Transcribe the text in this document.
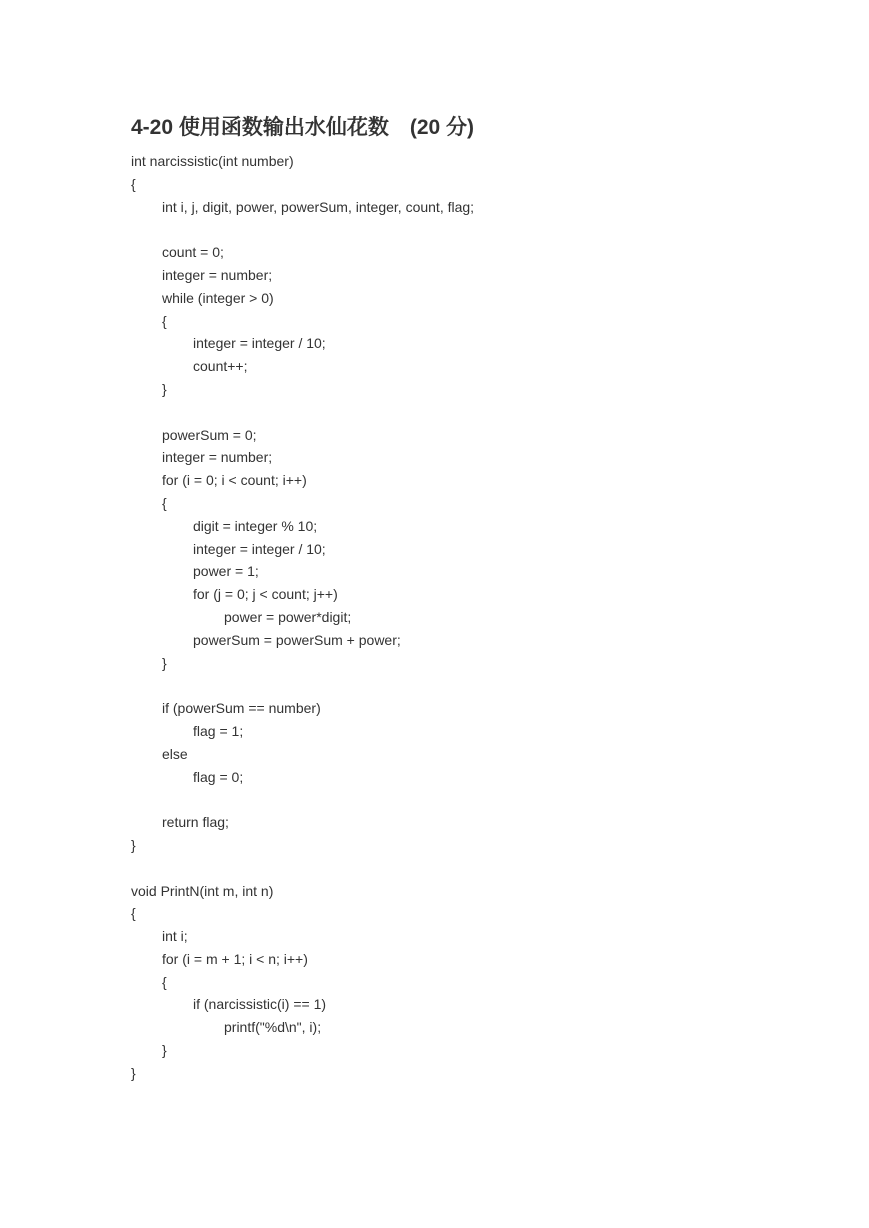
4-20 使用函数输出水仙花数　(20 分)
int narcissistic(int number)
{
int i, j, digit, power, powerSum, integer, count, flag;
count = 0;
integer = number;
while (integer > 0)
{
integer = integer / 10;
count++;
}
powerSum = 0;
integer = number;
for (i = 0; i < count; i++)
{
digit = integer % 10;
integer = integer / 10;
power = 1;
for (j = 0; j < count; j++)
power = power*digit;
powerSum = powerSum + power;
}
if (powerSum == number)
flag = 1;
else
flag = 0;
return flag;
}
void PrintN(int m, int n)
{
int i;
for (i = m + 1; i < n; i++)
{
if (narcissistic(i) == 1)
printf("%d\n", i);
}
}
